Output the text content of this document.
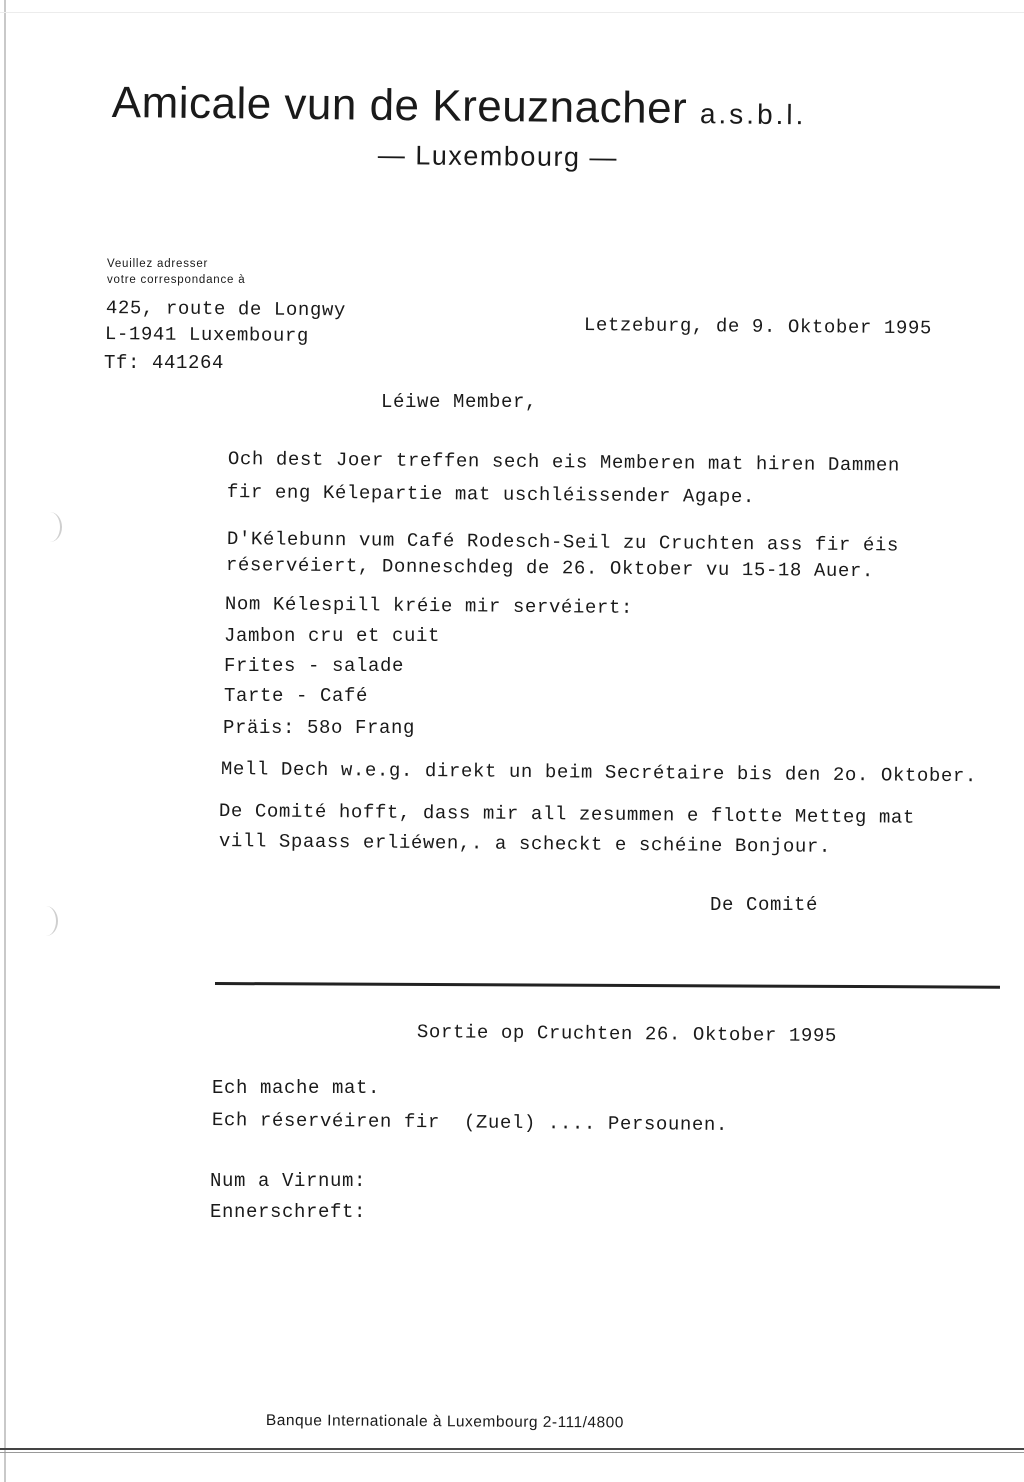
Amicale vun de Kreuznacher a.s.b.l.
— Luxembourg —
Veuillez adresser
votre correspondance à
425, route de Longwy
L-1941 Luxembourg
Tf: 441264
Letzeburg, de 9. Oktober 1995
Léiwe Member,
Och dest Joer treffen sech eis Memberen mat hiren Dammen
fir eng Kélepartie mat uschléissender Agape.
D'Kélebunn vum Café Rodesch-Seil zu Cruchten ass fir éis
réservéiert, Donneschdeg de 26. Oktober vu 15-18 Auer.
Nom Kélespill kréie mir servéiert:
Jambon cru et cuit
Frites - salade
Tarte - Café
Präis: 58o Frang
Mell Dech w.e.g. direkt un beim Secrétaire bis den 2o. Oktober.
De Comité hofft, dass mir all zesummen e flotte Metteg mat
vill Spaass erliéwen,. a scheckt e schéine Bonjour.
De Comité
Sortie op Cruchten 26. Oktober 1995
Ech mache mat.
Ech réservéiren fir  (Zuel) .... Persounen.
Num a Virnum:
Ennerschreft:
Banque Internationale à Luxembourg 2-111/4800
